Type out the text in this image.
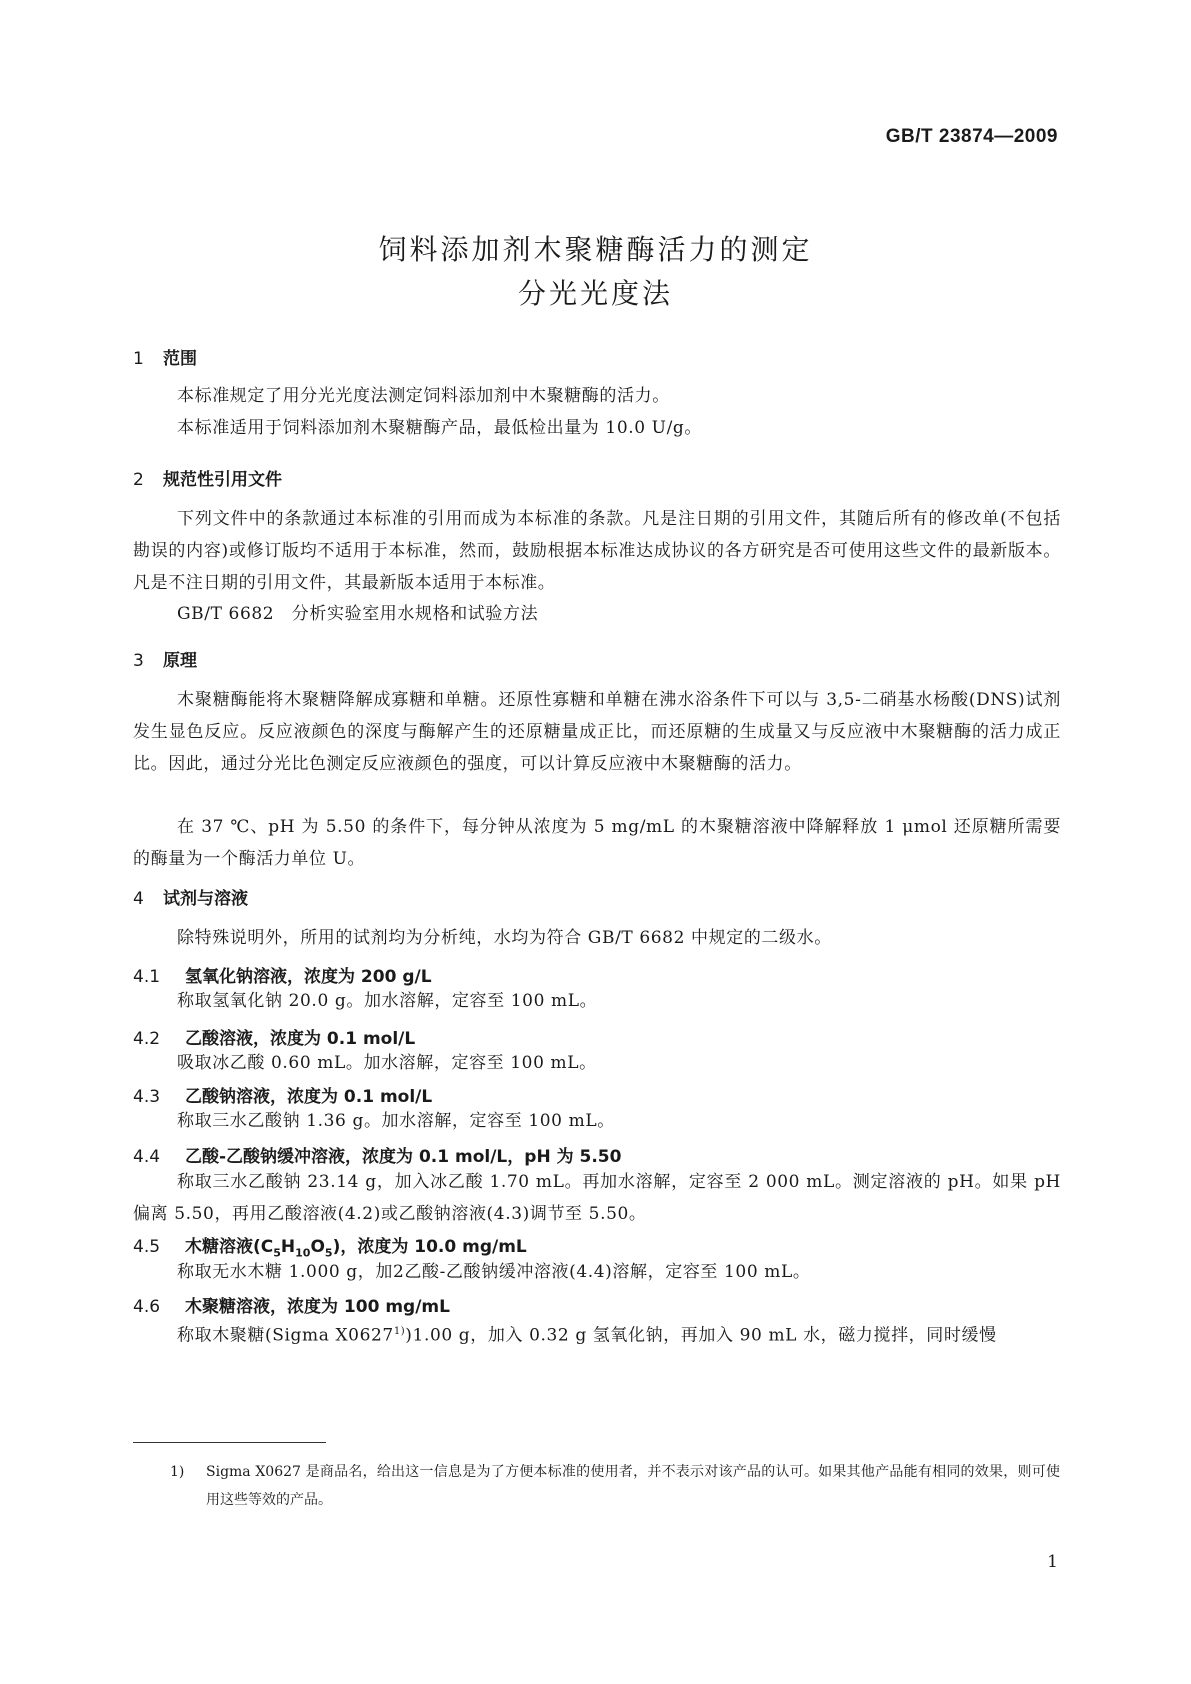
GB/T 23874—2009
饲料添加剂木聚糖酶活力的测定
分光光度法
1 范围
本标准规定了用分光光度法测定饲料添加剂中木聚糖酶的活力。
本标准适用于饲料添加剂木聚糖酶产品，最低检出量为 10.0 U/g。
2 规范性引用文件
下列文件中的条款通过本标准的引用而成为本标准的条款。凡是注日期的引用文件，其随后所有的修改单(不包括勘误的内容)或修订版均不适用于本标准，然而，鼓励根据本标准达成协议的各方研究是否可使用这些文件的最新版本。凡是不注日期的引用文件，其最新版本适用于本标准。
GB/T 6682　分析实验室用水规格和试验方法
3 原理
木聚糖酶能将木聚糖降解成寡糖和单糖。还原性寡糖和单糖在沸水浴条件下可以与 3,5-二硝基水杨酸(DNS)试剂发生显色反应。反应液颜色的深度与酶解产生的还原糖量成正比，而还原糖的生成量又与反应液中木聚糖酶的活力成正比。因此，通过分光比色测定反应液颜色的强度，可以计算反应液中木聚糖酶的活力。
在 37 ℃、pH 为 5.50 的条件下，每分钟从浓度为 5 mg/mL 的木聚糖溶液中降解释放 1 μmol 还原糖所需要的酶量为一个酶活力单位 U。
4 试剂与溶液
除特殊说明外，所用的试剂均为分析纯，水均为符合 GB/T 6682 中规定的二级水。
4.1 氢氧化钠溶液，浓度为 200 g/L
称取氢氧化钠 20.0 g。加水溶解，定容至 100 mL。
4.2 乙酸溶液，浓度为 0.1 mol/L
吸取冰乙酸 0.60 mL。加水溶解，定容至 100 mL。
4.3 乙酸钠溶液，浓度为 0.1 mol/L
称取三水乙酸钠 1.36 g。加水溶解，定容至 100 mL。
4.4 乙酸-乙酸钠缓冲溶液，浓度为 0.1 mol/L，pH 为 5.50
称取三水乙酸钠 23.14 g，加入冰乙酸 1.70 mL。再加水溶解，定容至 2 000 mL。测定溶液的 pH。如果 pH 偏离 5.50，再用乙酸溶液(4.2)或乙酸钠溶液(4.3)调节至 5.50。
4.5 木糖溶液$(C_5H_{10}O_5)$，浓度为 10.0 mg/mL
称取无水木糖 1.000 g，加2乙酸-乙酸钠缓冲溶液(4.4)溶解，定容至 100 mL。
4.6 木聚糖溶液，浓度为 100 mg/mL
称取木聚糖(Sigma X0627$^{1)}$)1.00 g，加入 0.32 g 氢氧化钠，再加入 90 mL 水，磁力搅拌，同时缓慢
1) Sigma X0627 是商品名，给出这一信息是为了方便本标准的使用者，并不表示对该产品的认可。如果其他产品能有相同的效果，则可使用这些等效的产品。
1
